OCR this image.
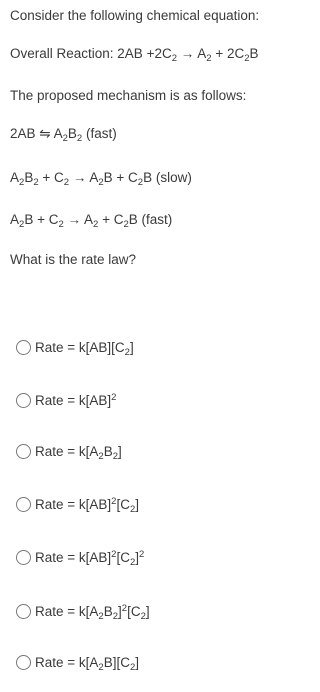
Consider the following chemical equation:
Overall Reaction: $2AB +2C_2 \to A_2 + 2C_2B$
The proposed mechanism is as follows:
2AB ⇋ $A_2B_2$ (fast)
$A_2B_2 + C_2 \to A_2B + C_2B$ (slow)
$A_2B + C_2 \to A_2 + C_2B$ (fast)
What is the rate law?
Rate = $k[AB][C_2]$
Rate = k[AB]$^2$
Rate = $k[A_2B_2]$
Rate = $k[AB]^2[C_2]$
Rate = $k[AB]^2[C_2]^2$
Rate = $k[A_2B_2]^2[C_2]$
Rate = $k[A_2B][C_2]$
